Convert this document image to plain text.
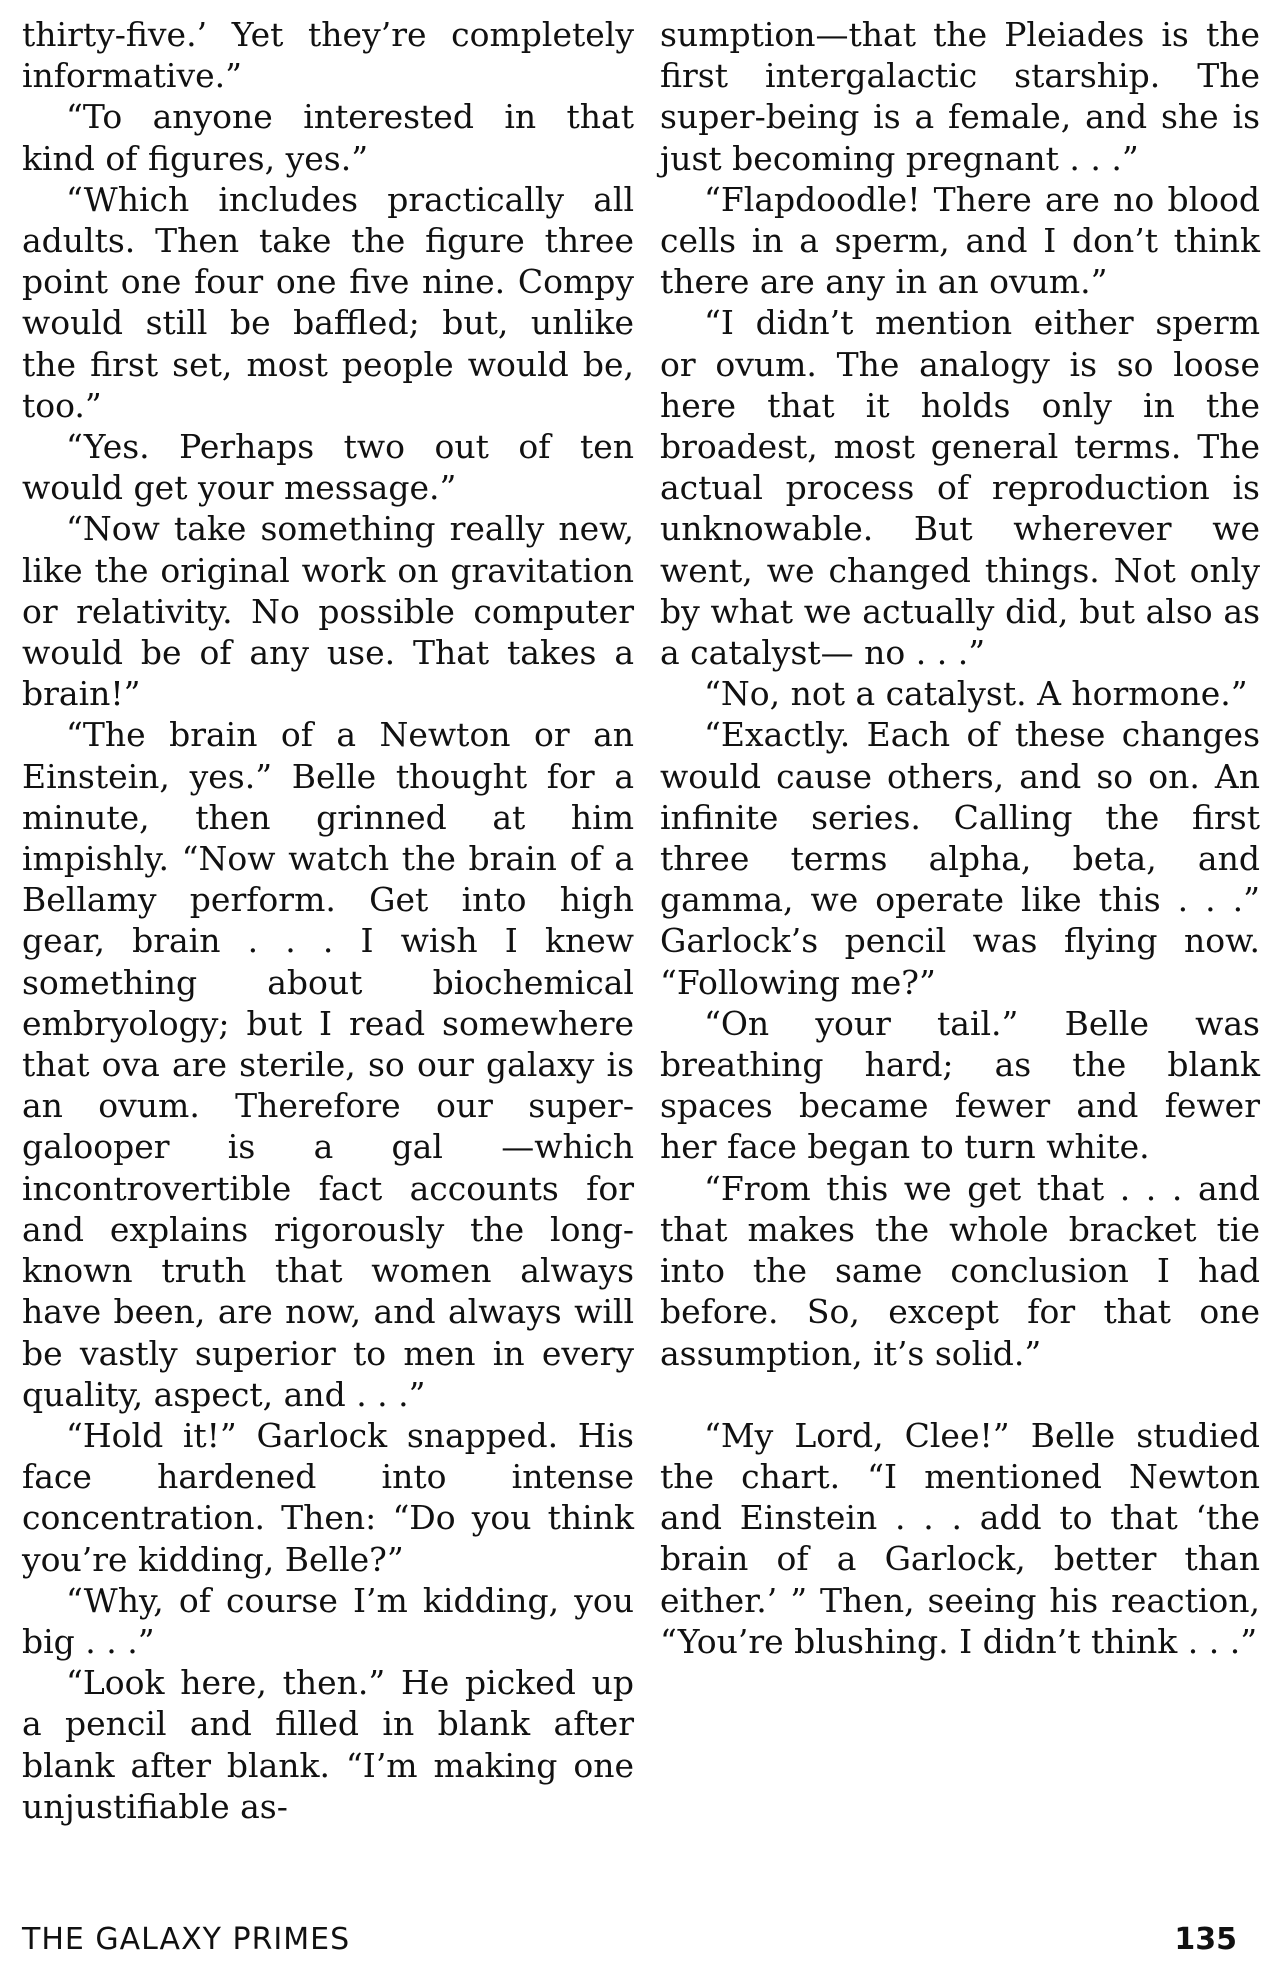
thirty-five.’ Yet they’re completely informative.”

“To anyone interested in that kind of figures, yes.”

“Which includes practically all adults. Then take the figure three point one four one five nine. Compy would still be baffled; but, unlike the first set, most people would be, too.”

“Yes. Perhaps two out of ten would get your message.”

“Now take something really new, like the original work on gravitation or relativity. No possible computer would be of any use. That takes a brain!”

“The brain of a Newton or an Einstein, yes.” Belle thought for a minute, then grinned at him impishly. “Now watch the brain of a Bellamy perform. Get into high gear, brain . . . I wish I knew something about biochemical embryology; but I read somewhere that ova are sterile, so our galaxy is an ovum. Therefore our super-galooper is a gal —which incontrovertible fact accounts for and explains rigorously the long-known truth that women always have been, are now, and always will be vastly superior to men in every quality, aspect, and . . .”

“Hold it!” Garlock snapped. His face hardened into intense concentration. Then: “Do you think you’re kidding, Belle?”

“Why, of course I’m kidding, you big . . .”

“Look here, then.” He picked up a pencil and filled in blank after blank after blank. “I’m making one unjustifiable as-

sumption—that the Pleiades is the first intergalactic starship. The super-being is a female, and she is just becoming pregnant . . .”

“Flapdoodle! There are no blood cells in a sperm, and I don’t think there are any in an ovum.”

“I didn’t mention either sperm or ovum. The analogy is so loose here that it holds only in the broadest, most general terms. The actual process of reproduction is unknowable. But wherever we went, we changed things. Not only by what we actually did, but also as a catalyst— no . . .”

“No, not a catalyst. A hormone.”

“Exactly. Each of these changes would cause others, and so on. An infinite series. Calling the first three terms alpha, beta, and gamma, we operate like this . . .” Garlock’s pencil was flying now. “Following me?”

“On your tail.” Belle was breathing hard; as the blank spaces became fewer and fewer her face began to turn white.

“From this we get that . . . and that makes the whole bracket tie into the same conclusion I had before. So, except for that one assumption, it’s solid.”

“My Lord, Clee!” Belle studied the chart. “I mentioned Newton and Einstein . . . add to that ‘the brain of a Garlock, better than either.’ ” Then, seeing his reaction, “You’re blushing. I didn’t think . . .”

THE GALAXY PRIMES	135
